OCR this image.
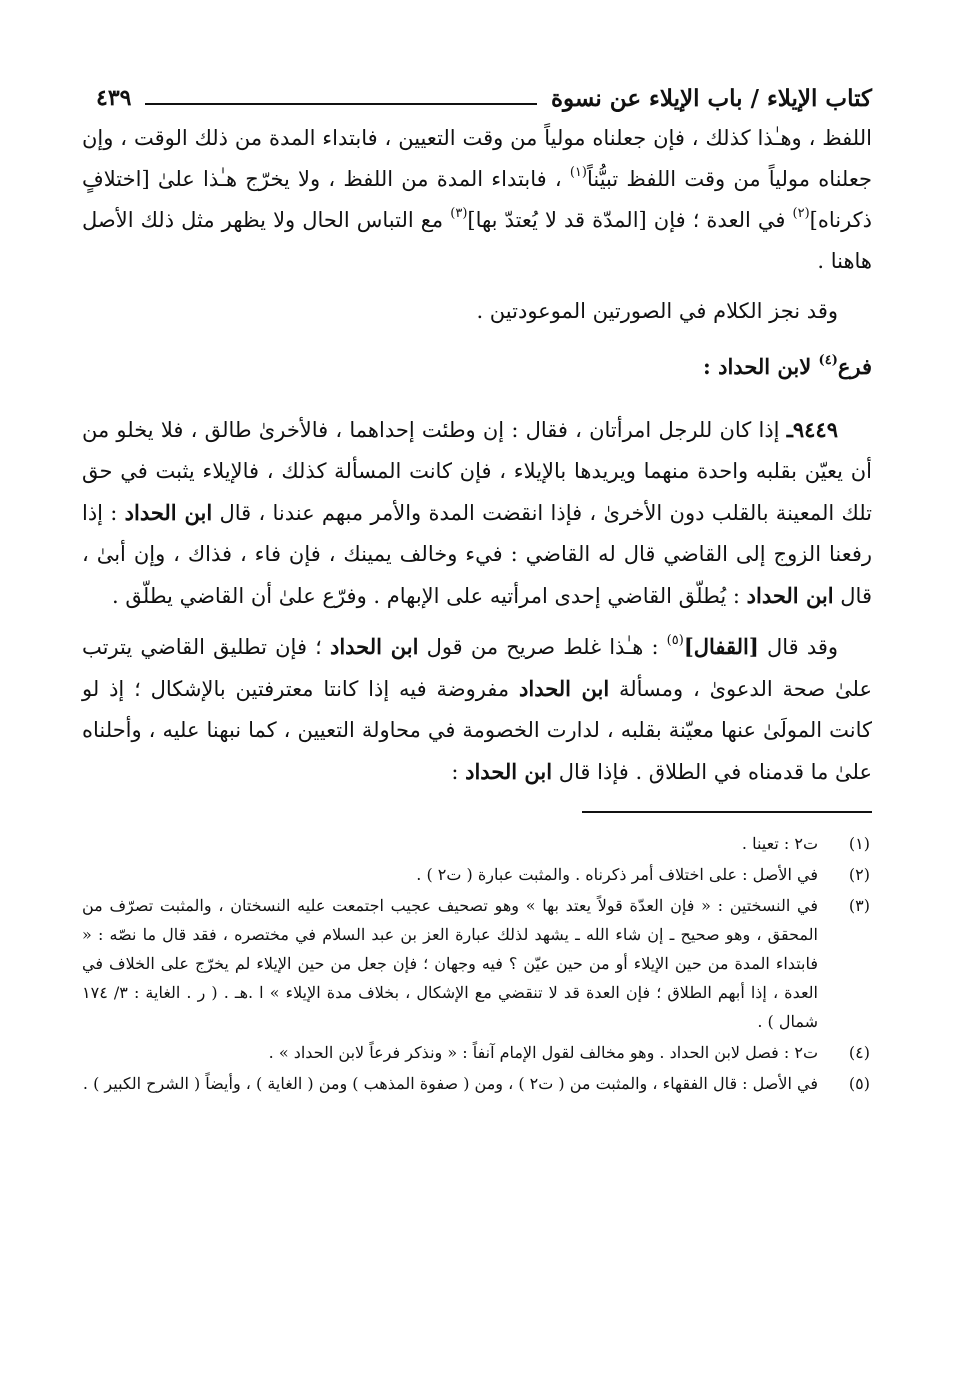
كتاب الإيلاء / باب الإيلاء عن نسوة
٤٣٩

اللفظ ، وهـٰذا كذلك ، فإن جعلناه مولياً من وقت التعيين ، فابتداء المدة من ذلك الوقت ، وإن جعلناه مولياً من وقت اللفظ تبيُّناً$^{(١)}$ ، فابتداء المدة من اللفظ ، ولا يخرّج هـٰذا علىٰ [اختلافٍ ذكرناه]$^{(٢)}$ في العدة ؛ فإن [المدّة قد لا يُعتدّ بها]$^{(٣)}$ مع التباس الحال ولا يظهر مثل ذلك الأصل هاهنا .

وقد نجز الكلام في الصورتين الموعودتين .

فرع$^{(٤)}$ لابن الحداد :

٩٤٤٩ـ إذا كان للرجل امرأتان ، فقال : إن وطئت إحداهما ، فالأخرىٰ طالق ، فلا يخلو من أن يعيّن بقلبه واحدة منهما ويريدها بالإيلاء ، فإن كانت المسألة كذلك ، فالإيلاء يثبت في حق تلك المعينة بالقلب دون الأخرىٰ ، فإذا انقضت المدة والأمر مبهم عندنا ، قال ابن الحداد : إذا رفعنا الزوج إلى القاضي قال له القاضي : فيء وخالف يمينك ، فإن فاء ، فذاك ، وإن أبىٰ ، قال ابن الحداد : يُطلّق القاضي إحدى امرأتيه على الإبهام . وفرّع علىٰ أن القاضي يطلّق .

وقد قال [القفال]$^{(٥)}$ : هـٰذا غلط صريح من قول ابن الحداد ؛ فإن تطليق القاضي يترتب علىٰ صحة الدعوىٰ ، ومسألة ابن الحداد مفروضة فيه إذا كانتا معترفتين بالإشكال ؛ إذ لو كانت المولَىٰ عنها معيّنة بقلبه ، لدارت الخصومة في محاولة التعيين ، كما نبهنا عليه ، وأحلناه علىٰ ما قدمناه في الطلاق . فإذا قال ابن الحداد :

(١)
ت٢ : تعينا .
(٢)
في الأصل : على اختلاف أمر ذكرناه . والمثبت عبارة ( ت٢ ) .
(٣)
في النسختين : « فإن العدّة قولاً يعتد بها » وهو تصحيف عجيب اجتمعت عليه النسختان ، والمثبت تصرّف من المحقق ، وهو صحيح ـ إن شاء الله ـ يشهد لذلك عبارة العز بن عبد السلام في مختصره ، فقد قال ما نصّه : « فابتداء المدة من حين الإيلاء أو من حين عيّن ؟ فيه وجهان ؛ فإن جعل من حين الإيلاء لم يخرّج على الخلاف في العدة ، إذا أبهم الطلاق ؛ فإن العدة قد لا تنقضي مع الإشكال ، بخلاف مدة الإيلاء » ا .هـ . ( ر . الغاية : ٣/ ١٧٤ شمال ) .
(٤)
ت٢ : فصل لابن الحداد . وهو مخالف لقول الإمام آنفاً : « ونذكر فرعاً لابن الحداد » .
(٥)
في الأصل : قال الفقهاء ، والمثبت من ( ت٢ ) ، ومن ( صفوة المذهب ) ومن ( الغاية ) ، وأيضاً ( الشرح الكبير ) .
